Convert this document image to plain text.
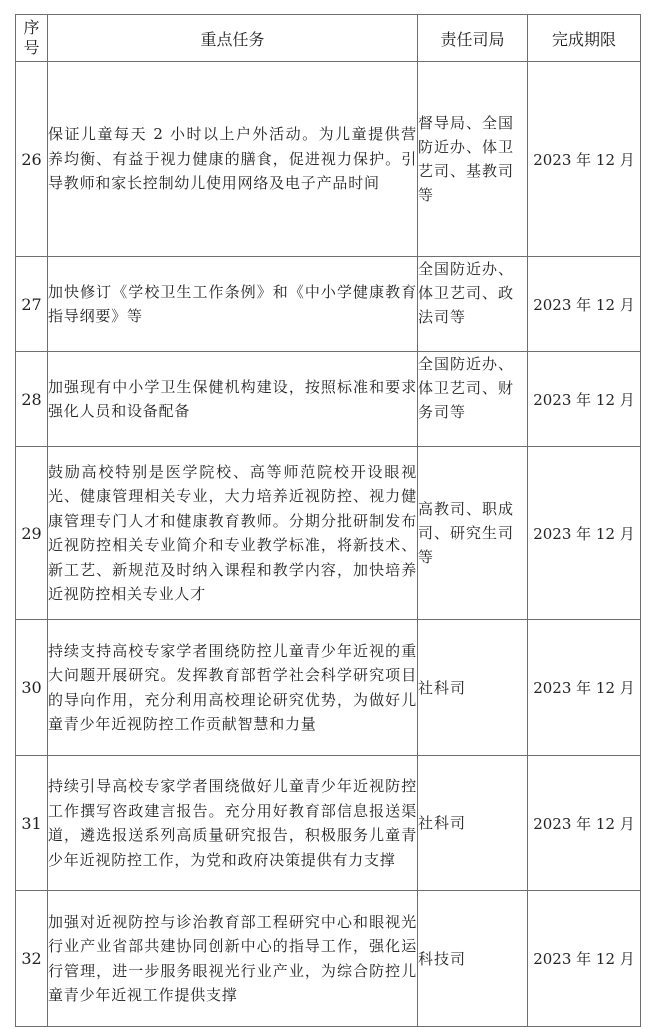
序
号	重点任务	责任司局	完成期限
26	保证儿童每天 2 小时以上户外活动。为儿童提供营养均衡、有益于视力健康的膳食，促进视力保护。引导教师和家长控制幼儿使用网络及电子产品时间	督导局、全国防近办、体卫艺司、基教司等	2023 年 12 月
27	加快修订《学校卫生工作条例》和《中小学健康教育指导纲要》等	全国防近办、体卫艺司、政法司等	2023 年 12 月
28	加强现有中小学卫生保健机构建设，按照标准和要求强化人员和设备配备	全国防近办、体卫艺司、财务司等	2023 年 12 月
29	鼓励高校特别是医学院校、高等师范院校开设眼视光、健康管理相关专业，大力培养近视防控、视力健康管理专门人才和健康教育教师。分期分批研制发布近视防控相关专业简介和专业教学标准，将新技术、新工艺、新规范及时纳入课程和教学内容，加快培养近视防控相关专业人才	高教司、职成司、研究生司等	2023 年 12 月
30	持续支持高校专家学者围绕防控儿童青少年近视的重大问题开展研究。发挥教育部哲学社会科学研究项目的导向作用，充分利用高校理论研究优势，为做好儿童青少年近视防控工作贡献智慧和力量	社科司	2023 年 12 月
31	持续引导高校专家学者围绕做好儿童青少年近视防控工作撰写咨政建言报告。充分用好教育部信息报送渠道，遴选报送系列高质量研究报告，积极服务儿童青少年近视防控工作，为党和政府决策提供有力支撑	社科司	2023 年 12 月
32	加强对近视防控与诊治教育部工程研究中心和眼视光行业产业省部共建协同创新中心的指导工作，强化运行管理，进一步服务眼视光行业产业，为综合防控儿童青少年近视工作提供支撑	科技司	2023 年 12 月
